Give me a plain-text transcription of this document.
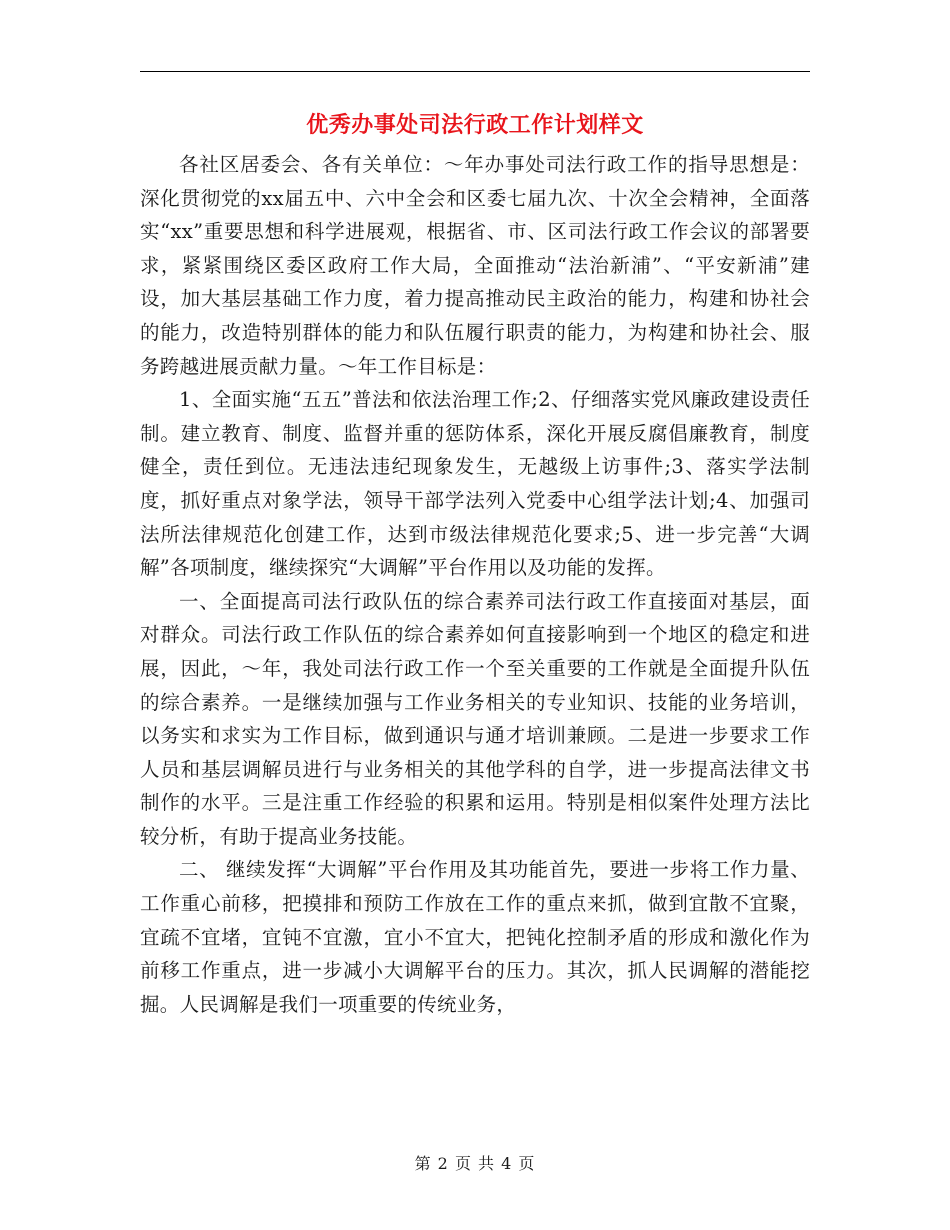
优秀办事处司法行政工作计划样文

各社区居委会、各有关单位：～年办事处司法行政工作的指导思想是：深化贯彻党的xx届五中、六中全会和区委七届九次、十次全会精神，全面落实“xx”重要思想和科学进展观，根据省、市、区司法行政工作会议的部署要求，紧紧围绕区委区政府工作大局，全面推动“法治新浦”、“平安新浦”建设，加大基层基础工作力度，着力提高推动民主政治的能力，构建和协社会的能力，改造特别群体的能力和队伍履行职责的能力，为构建和协社会、服务跨越进展贡献力量。～年工作目标是：

1、全面实施“五五”普法和依法治理工作;2、仔细落实党风廉政建设责任制。建立教育、制度、监督并重的惩防体系，深化开展反腐倡廉教育，制度健全，责任到位。无违法违纪现象发生，无越级上访事件;3、落实学法制度，抓好重点对象学法，领导干部学法列入党委中心组学法计划;4、加强司法所法律规范化创建工作，达到市级法律规范化要求;5、进一步完善“大调解”各项制度，继续探究“大调解”平台作用以及功能的发挥。

一、全面提高司法行政队伍的综合素养司法行政工作直接面对基层，面对群众。司法行政工作队伍的综合素养如何直接影响到一个地区的稳定和进展，因此，～年，我处司法行政工作一个至关重要的工作就是全面提升队伍的综合素养。一是继续加强与工作业务相关的专业知识、技能的业务培训，以务实和求实为工作目标，做到通识与通才培训兼顾。二是进一步要求工作人员和基层调解员进行与业务相关的其他学科的自学，进一步提高法律文书制作的水平。三是注重工作经验的积累和运用。特别是相似案件处理方法比较分析，有助于提高业务技能。

二、 继续发挥“大调解”平台作用及其功能首先，要进一步将工作力量、工作重心前移，把摸排和预防工作放在工作的重点来抓，做到宜散不宜聚，宜疏不宜堵，宜钝不宜激，宜小不宜大，把钝化控制矛盾的形成和激化作为前移工作重点，进一步减小大调解平台的压力。其次，抓人民调解的潜能挖掘。人民调解是我们一项重要的传统业务，

第 2 页 共 4 页
